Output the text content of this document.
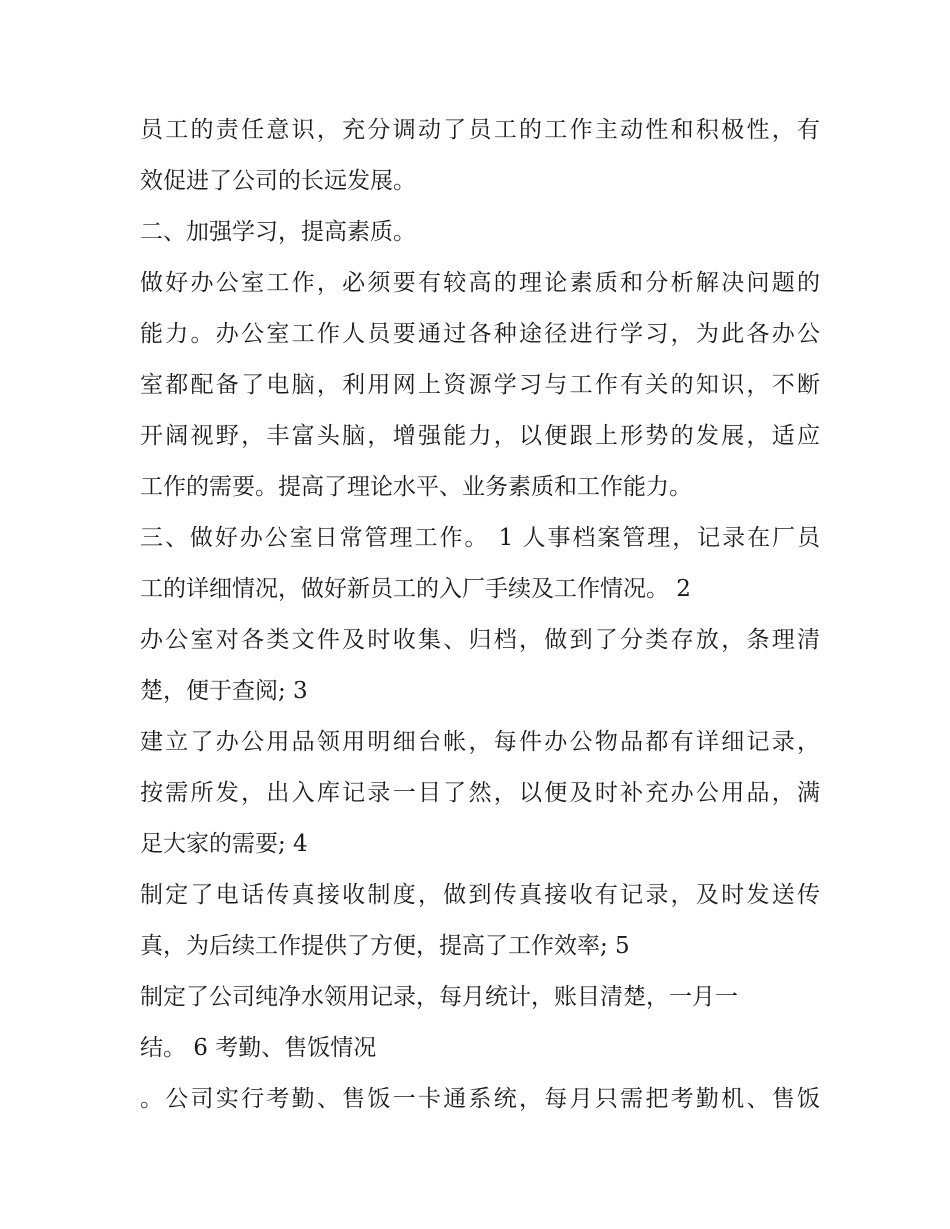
员工的责任意识，充分调动了员工的工作主动性和积极性，有
效促进了公司的长远发展。
二、加强学习，提高素质。
做好办公室工作，必须要有较高的理论素质和分析解决问题的
能力。办公室工作人员要通过各种途径进行学习，为此各办公
室都配备了电脑，利用网上资源学习与工作有关的知识，不断
开阔视野，丰富头脑，增强能力，以便跟上形势的发展，适应
工作的需要。提高了理论水平、业务素质和工作能力。
三、做好办公室日常管理工作。 1 人事档案管理，记录在厂员
工的详细情况，做好新员工的入厂手续及工作情况。 2
办公室对各类文件及时收集、归档，做到了分类存放，条理清
楚，便于查阅; 3
建立了办公用品领用明细台帐，每件办公物品都有详细记录，
按需所发，出入库记录一目了然，以便及时补充办公用品，满
足大家的需要; 4
制定了电话传真接收制度，做到传真接收有记录，及时发送传
真，为后续工作提供了方便，提高了工作效率; 5
制定了公司纯净水领用记录，每月统计，账目清楚，一月一
结。 6 考勤、售饭情况
。公司实行考勤、售饭一卡通系统，每月只需把考勤机、售饭
